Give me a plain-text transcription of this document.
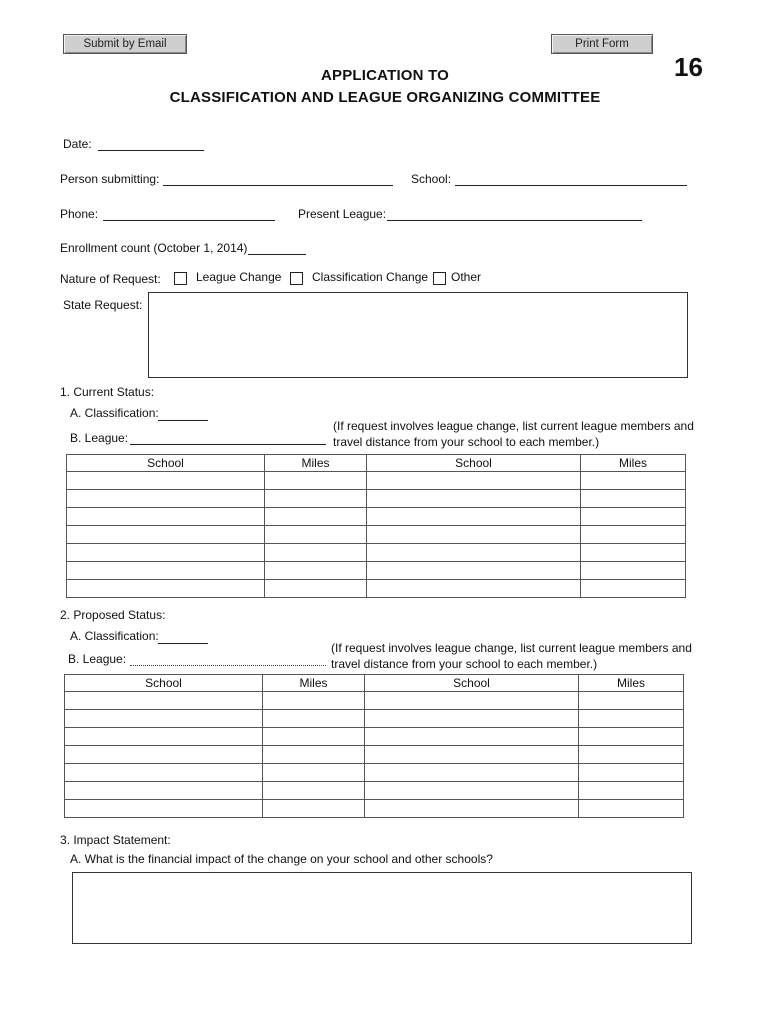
Submit by Email	Print Form
16
APPLICATION TO
CLASSIFICATION AND LEAGUE ORGANIZING COMMITTEE
Date:
Person submitting:	School:
Phone:	Present League:
Enrollment count (October 1, 2014)
Nature of Request:	League Change	Classification Change Other
State Request:
1. Current Status:
A. Classification:
B. League:
(If request involves league change, list current league members and
travel distance from your school to each member.)
School	Miles	School	Miles

2. Proposed Status:
A. Classification:
B. League:
(If request involves league change, list current league members and
travel distance from your school to each member.)
School	Miles	School	Miles

3. Impact Statement:
A. What is the financial impact of the change on your school and other schools?
